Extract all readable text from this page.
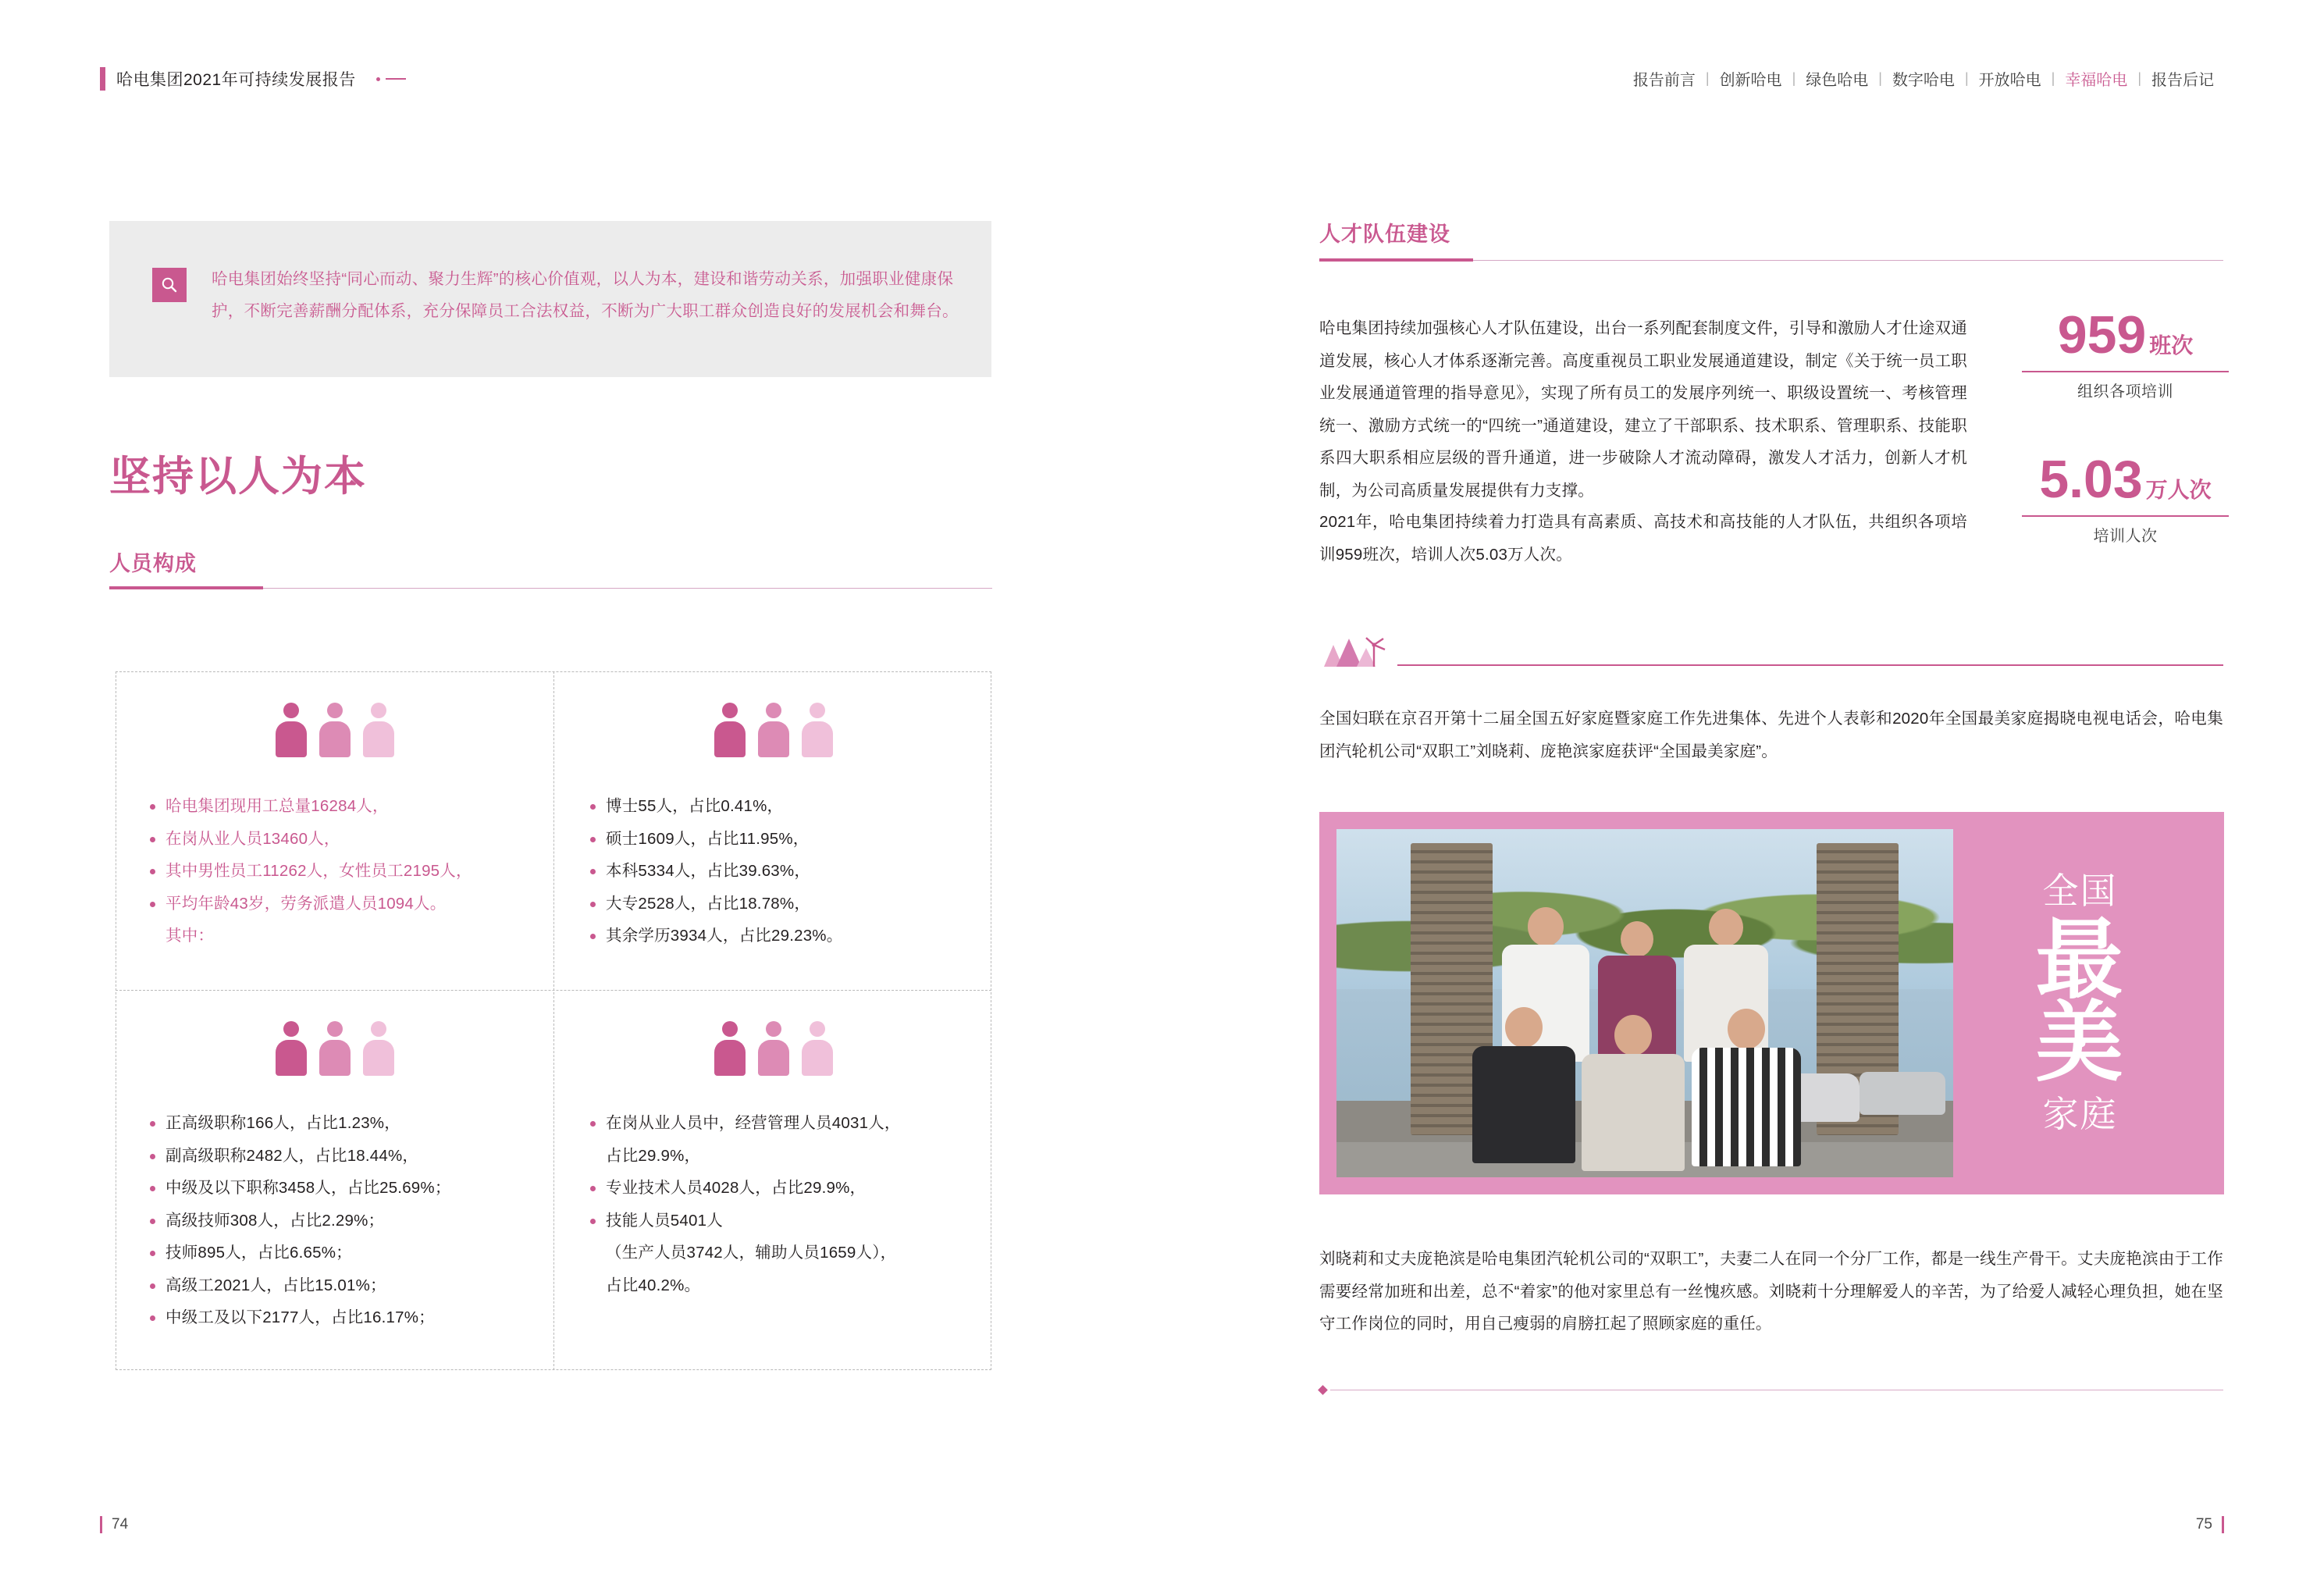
哈电集团2021年可持续发展报告	报告前言 | 创新哈电 | 绿色哈电 | 数字哈电 | 开放哈电 | 幸福哈电 | 报告后记
哈电集团始终坚持“同心而动、聚力生辉”的核心价值观，以人为本，建设和谐劳动关系，加强职业健康保护，不断完善薪酬分配体系，充分保障员工合法权益，不断为广大职工群众创造良好的发展机会和舞台。
坚持以人为本
人员构成
哈电集团现用工总量16284人，
在岗从业人员13460人，
其中男性员工11262人，女性员工2195人，
平均年龄43岁，劳务派遣人员1094人。
其中：
博士55人，占比0.41%，
硕士1609人，占比11.95%，
本科5334人，占比39.63%，
大专2528人，占比18.78%，
其余学历3934人，占比29.23%。
正高级职称166人，占比1.23%，
副高级职称2482人，占比18.44%，
中级及以下职称3458人，占比25.69%；
高级技师308人，占比2.29%；
技师895人，占比6.65%；
高级工2021人，占比15.01%；
中级工及以下2177人，占比16.17%；
在岗从业人员中，经营管理人员4031人，
占比29.9%，
专业技术人员4028人，占比29.9%，
技能人员5401人
（生产人员3742人，辅助人员1659人），
占比40.2%。
74
人才队伍建设
哈电集团持续加强核心人才队伍建设，出台一系列配套制度文件，引导和激励人才仕途双通道发展，核心人才体系逐渐完善。高度重视员工职业发展通道建设，制定《关于统一员工职业发展通道管理的指导意见》，实现了所有员工的发展序列统一、职级设置统一、考核管理统一、激励方式统一的“四统一”通道建设，建立了干部职系、技术职系、管理职系、技能职系四大职系相应层级的晋升通道，进一步破除人才流动障碍，激发人才活力，创新人才机制，为公司高质量发展提供有力支撑。
2021年，哈电集团持续着力打造具有高素质、高技术和高技能的人才队伍，共组织各项培训959班次，培训人次5.03万人次。
959 班次
组织各项培训
5.03 万人次
培训人次
全国妇联在京召开第十二届全国五好家庭暨家庭工作先进集体、先进个人表彰和2020年全国最美家庭揭晓电视电话会，哈电集团汽轮机公司“双职工”刘晓莉、庞艳滨家庭获评“全国最美家庭”。
全国
最
美
家庭
刘晓莉和丈夫庞艳滨是哈电集团汽轮机公司的“双职工”，夫妻二人在同一个分厂工作，都是一线生产骨干。丈夫庞艳滨由于工作需要经常加班和出差，总不“着家”的他对家里总有一丝愧疚感。刘晓莉十分理解爱人的辛苦，为了给爱人减轻心理负担，她在坚守工作岗位的同时，用自己瘦弱的肩膀扛起了照顾家庭的重任。
75
